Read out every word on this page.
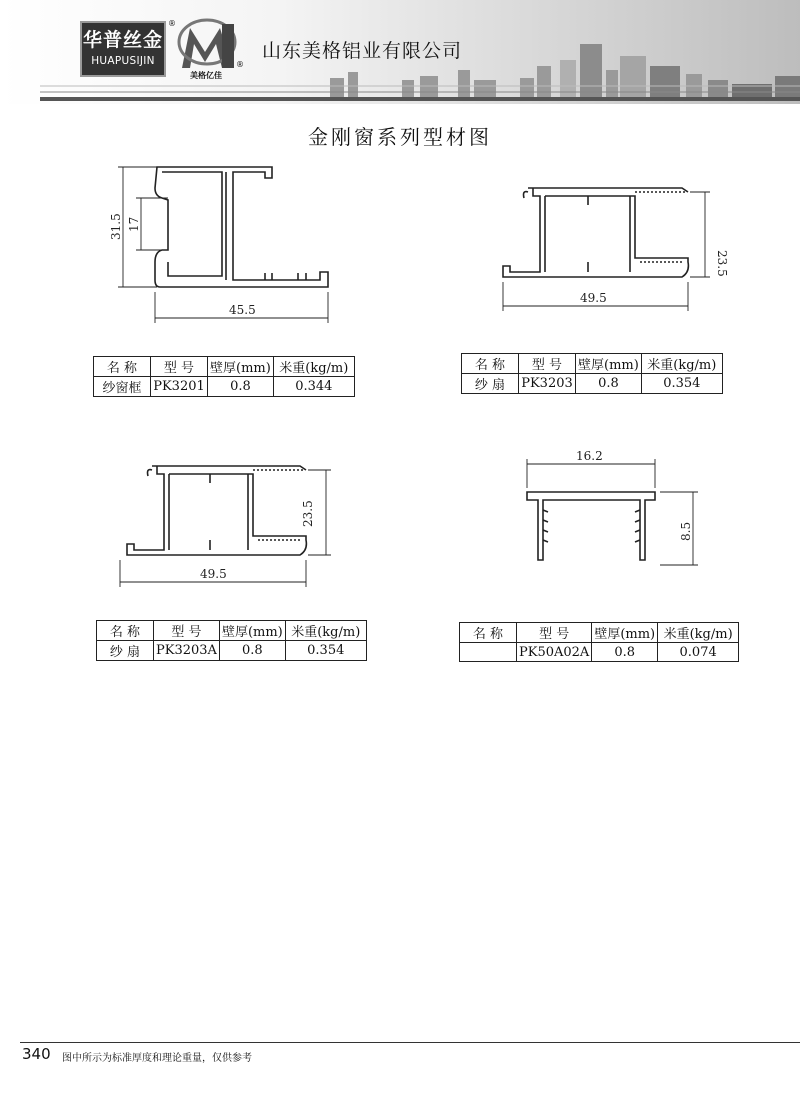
华普丝金
HUAPUSIJIN
®
®
美格亿佳
山东美格铝业有限公司
金刚窗系列型材图
31.5 17
45.5
23.5
49.5
23.5
49.5
16.2
8.5
名 称	型 号	壁厚(mm)	米重(kg/m)
纱窗框	PK3201	0.8	0.344
名 称	型 号	壁厚(mm)	米重(kg/m)
纱 扇	PK3203	0.8	0.354
名 称	型 号	壁厚(mm)	米重(kg/m)
纱 扇	PK3203A	0.8	0.354
名 称	型 号	壁厚(mm)	米重(kg/m)
	PK50A02A	0.8	0.074
340 图中所示为标准厚度和理论重量，仅供参考
